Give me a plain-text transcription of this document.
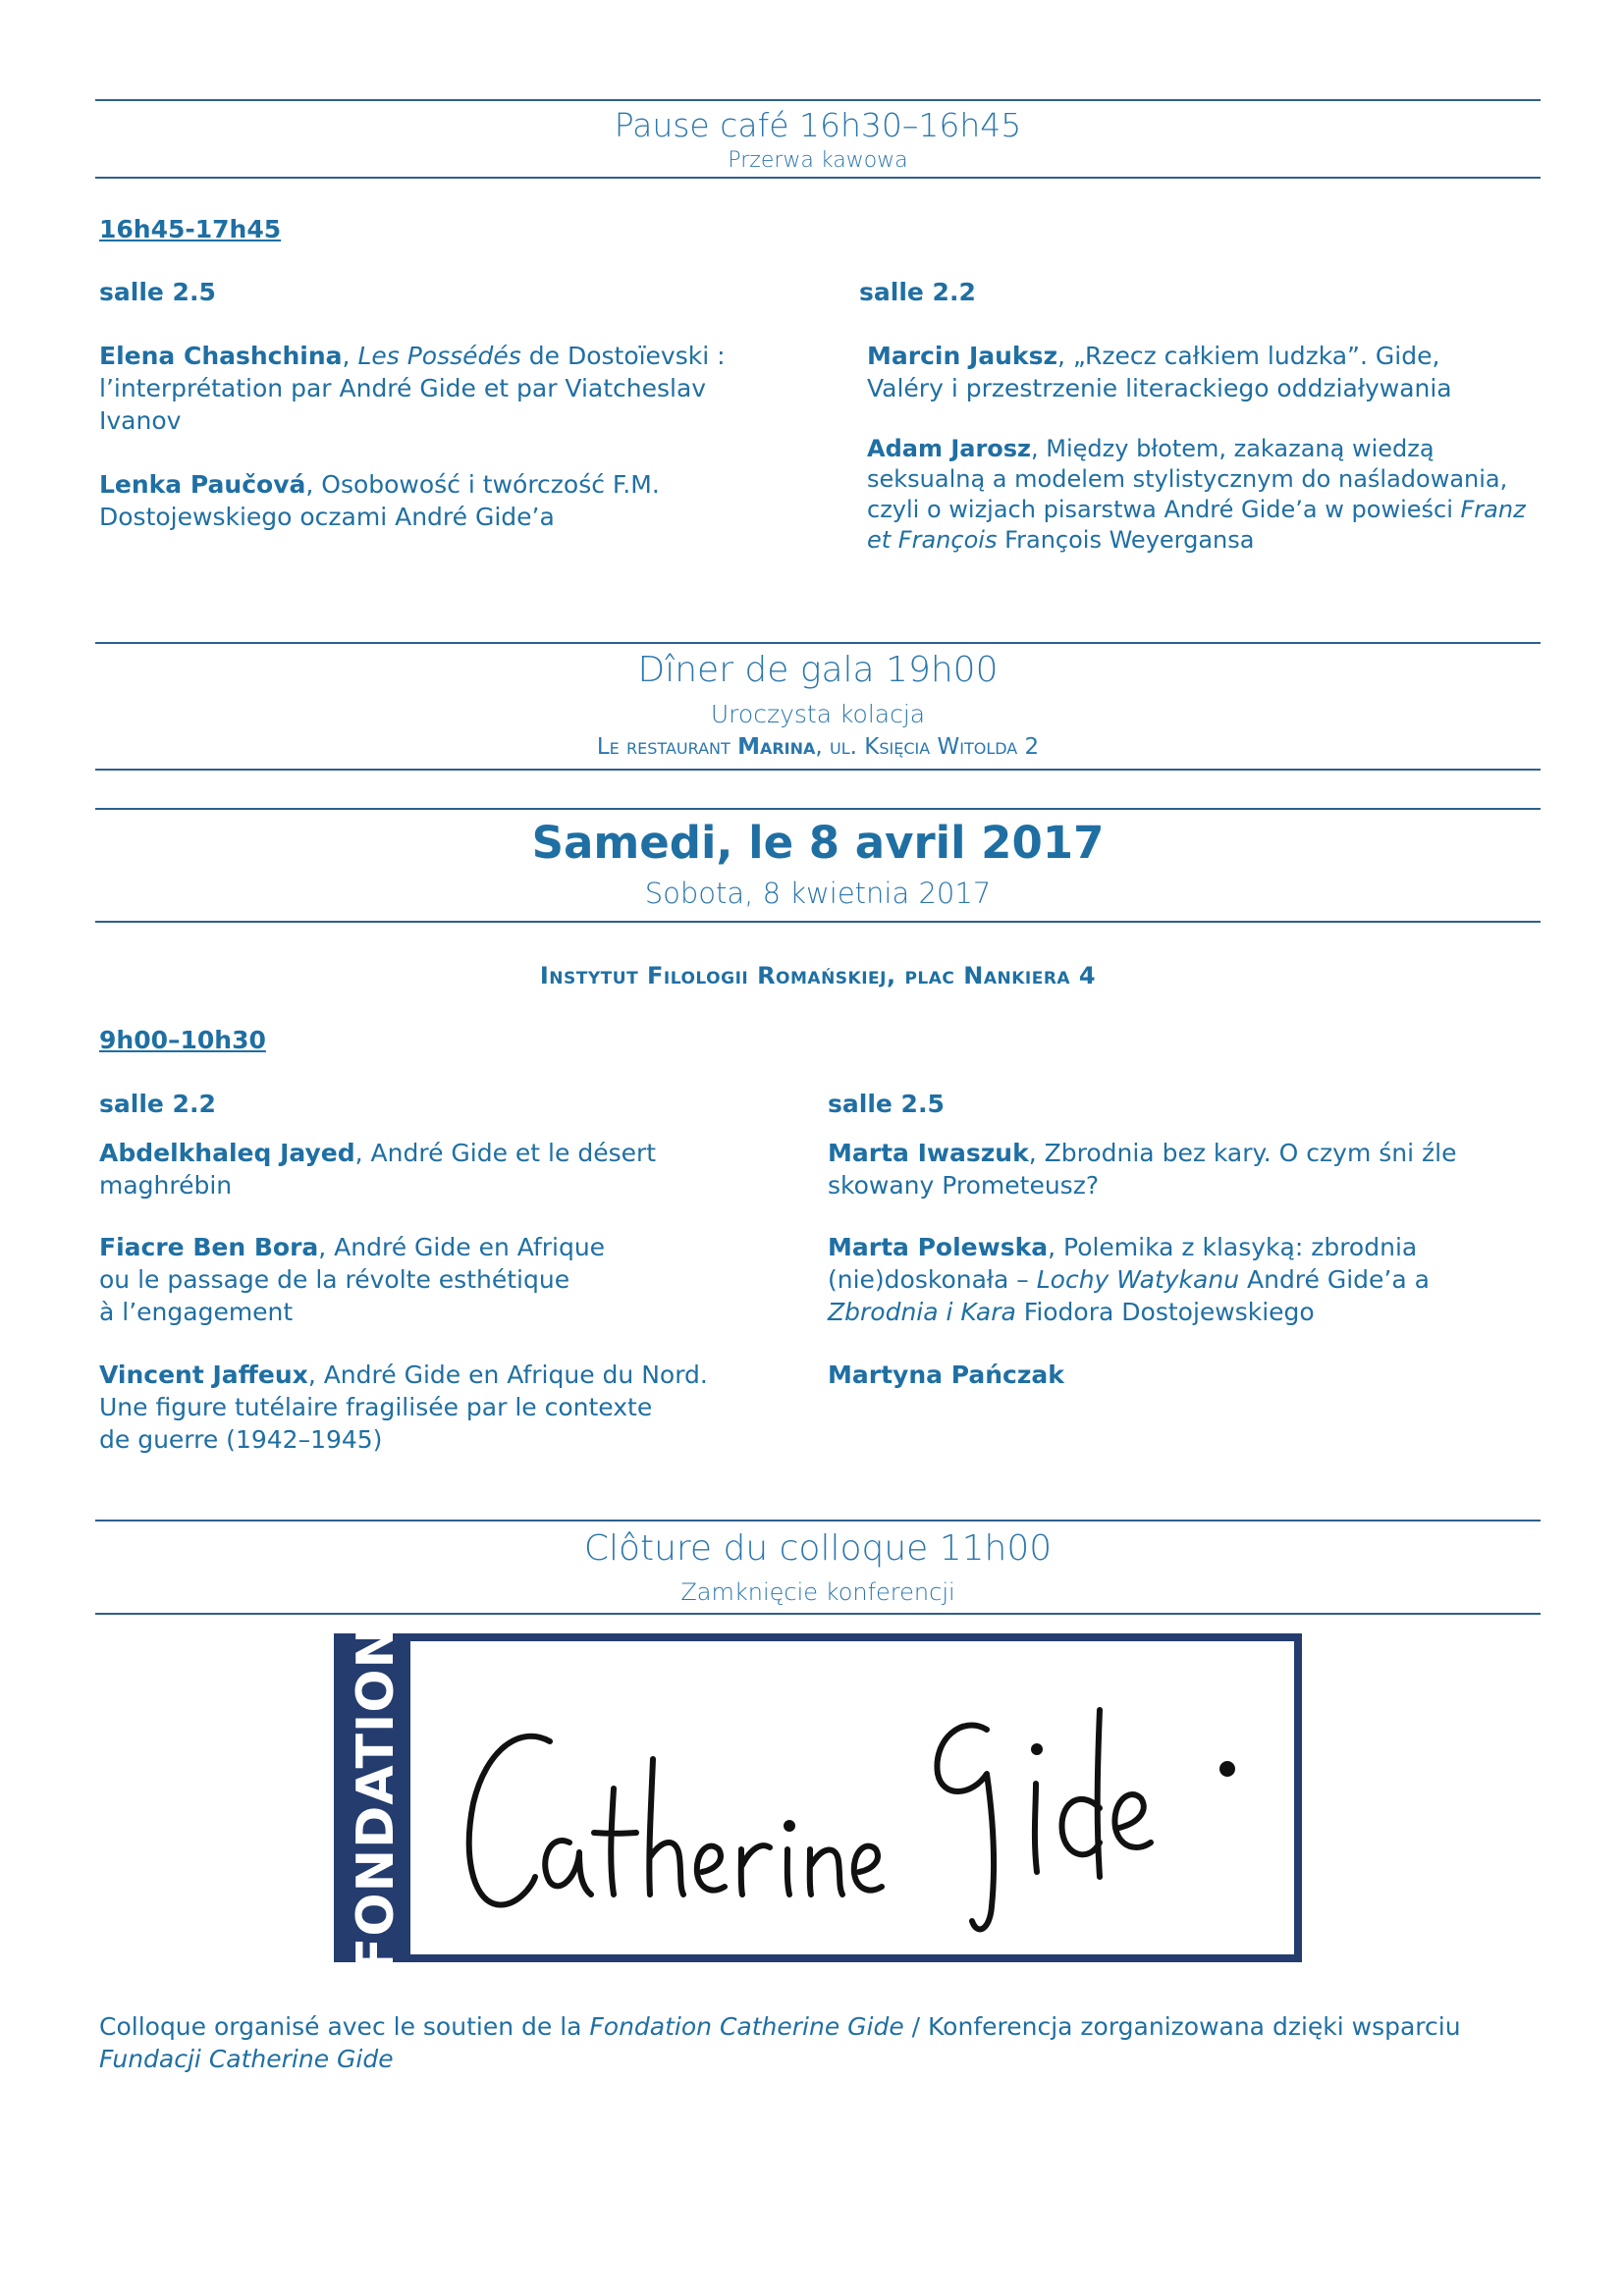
Pause café 16h30–16h45
Przerwa kawowa
16h45-17h45
salle 2.5
Elena Chashchina, Les Possédés de Dostoïevski : l’interprétation par André Gide et par Viatcheslav Ivanov
Lenka Paučová, Osobowość i twórczość F.M. Dostojewskiego oczami André Gide’a
salle 2.2
Marcin Jauksz, „Rzecz całkiem ludzka”. Gide, Valéry i przestrzenie literackiego oddziaływania
Adam Jarosz, Między błotem, zakazaną wiedzą seksualną a modelem stylistycznym do naśladowania, czyli o wizjach pisarstwa André Gide’a w powieści Franz et François François Weyergansa
Dîner de gala 19h00
Uroczysta kolacja
Le restaurant Marina, ul. Księcia Witolda 2
Samedi, le 8 avril 2017
Sobota, 8 kwietnia 2017
Instytut Filologii Romańskiej, plac Nankiera 4
9h00–10h30
salle 2.2
Abdelkhaleq Jayed, André Gide et le désert maghrébin
Fiacre Ben Bora, André Gide en Afrique
ou le passage de la révolte esthétique
à l’engagement
Vincent Jaffeux, André Gide en Afrique du Nord.
Une figure tutélaire fragilisée par le contexte
de guerre (1942–1945)
salle 2.5
Marta Iwaszuk, Zbrodnia bez kary. O czym śni źle skowany Prometeusz?
Marta Polewska, Polemika z klasyką: zbrodnia (nie)doskonała – Lochy Watykanu André Gide’a a Zbrodnia i Kara Fiodora Dostojewskiego
Martyna Pańczak
Clôture du colloque 11h00
Zamknięcie konferencji
FONDATION
Colloque organisé avec le soutien de la Fondation Catherine Gide / Konferencja zorganizowana dzięki wsparciu Fundacji Catherine Gide
